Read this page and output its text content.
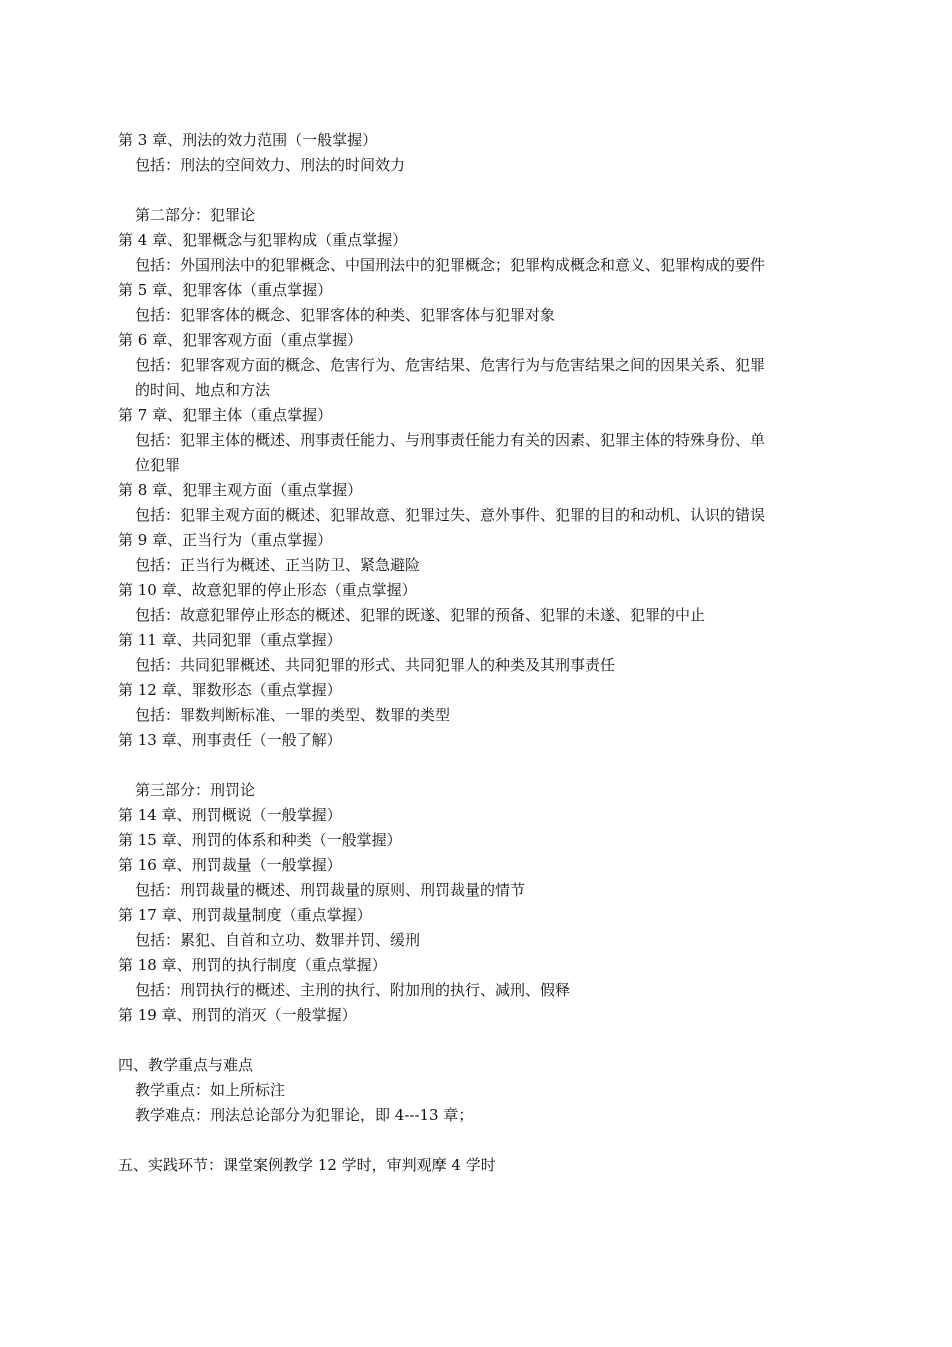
第 3 章、刑法的效力范围（一般掌握）
包括：刑法的空间效力、刑法的时间效力
第二部分：犯罪论
第 4 章、犯罪概念与犯罪构成（重点掌握）
包括：外国刑法中的犯罪概念、中国刑法中的犯罪概念；犯罪构成概念和意义、犯罪构成的要件
第 5 章、犯罪客体（重点掌握）
包括：犯罪客体的概念、犯罪客体的种类、犯罪客体与犯罪对象
第 6 章、犯罪客观方面（重点掌握）
包括：犯罪客观方面的概念、危害行为、危害结果、危害行为与危害结果之间的因果关系、犯罪
的时间、地点和方法
第 7 章、犯罪主体（重点掌握）
包括：犯罪主体的概述、刑事责任能力、与刑事责任能力有关的因素、犯罪主体的特殊身份、单
位犯罪
第 8 章、犯罪主观方面（重点掌握）
包括：犯罪主观方面的概述、犯罪故意、犯罪过失、意外事件、犯罪的目的和动机、认识的错误
第 9 章、正当行为（重点掌握）
包括：正当行为概述、正当防卫、紧急避险
第 10 章、故意犯罪的停止形态（重点掌握）
包括：故意犯罪停止形态的概述、犯罪的既遂、犯罪的预备、犯罪的未遂、犯罪的中止
第 11 章、共同犯罪（重点掌握）
包括：共同犯罪概述、共同犯罪的形式、共同犯罪人的种类及其刑事责任
第 12 章、罪数形态（重点掌握）
包括：罪数判断标准、一罪的类型、数罪的类型
第 13 章、刑事责任（一般了解）
第三部分：刑罚论
第 14 章、刑罚概说（一般掌握）
第 15 章、刑罚的体系和种类（一般掌握）
第 16 章、刑罚裁量（一般掌握）
包括：刑罚裁量的概述、刑罚裁量的原则、刑罚裁量的情节
第 17 章、刑罚裁量制度（重点掌握）
包括：累犯、自首和立功、数罪并罚、缓刑
第 18 章、刑罚的执行制度（重点掌握）
包括：刑罚执行的概述、主刑的执行、附加刑的执行、减刑、假释
第 19 章、刑罚的消灭（一般掌握）
四、教学重点与难点
教学重点：如上所标注
教学难点：刑法总论部分为犯罪论，即 4---13 章；
五、实践环节：课堂案例教学 12 学时，审判观摩 4 学时
